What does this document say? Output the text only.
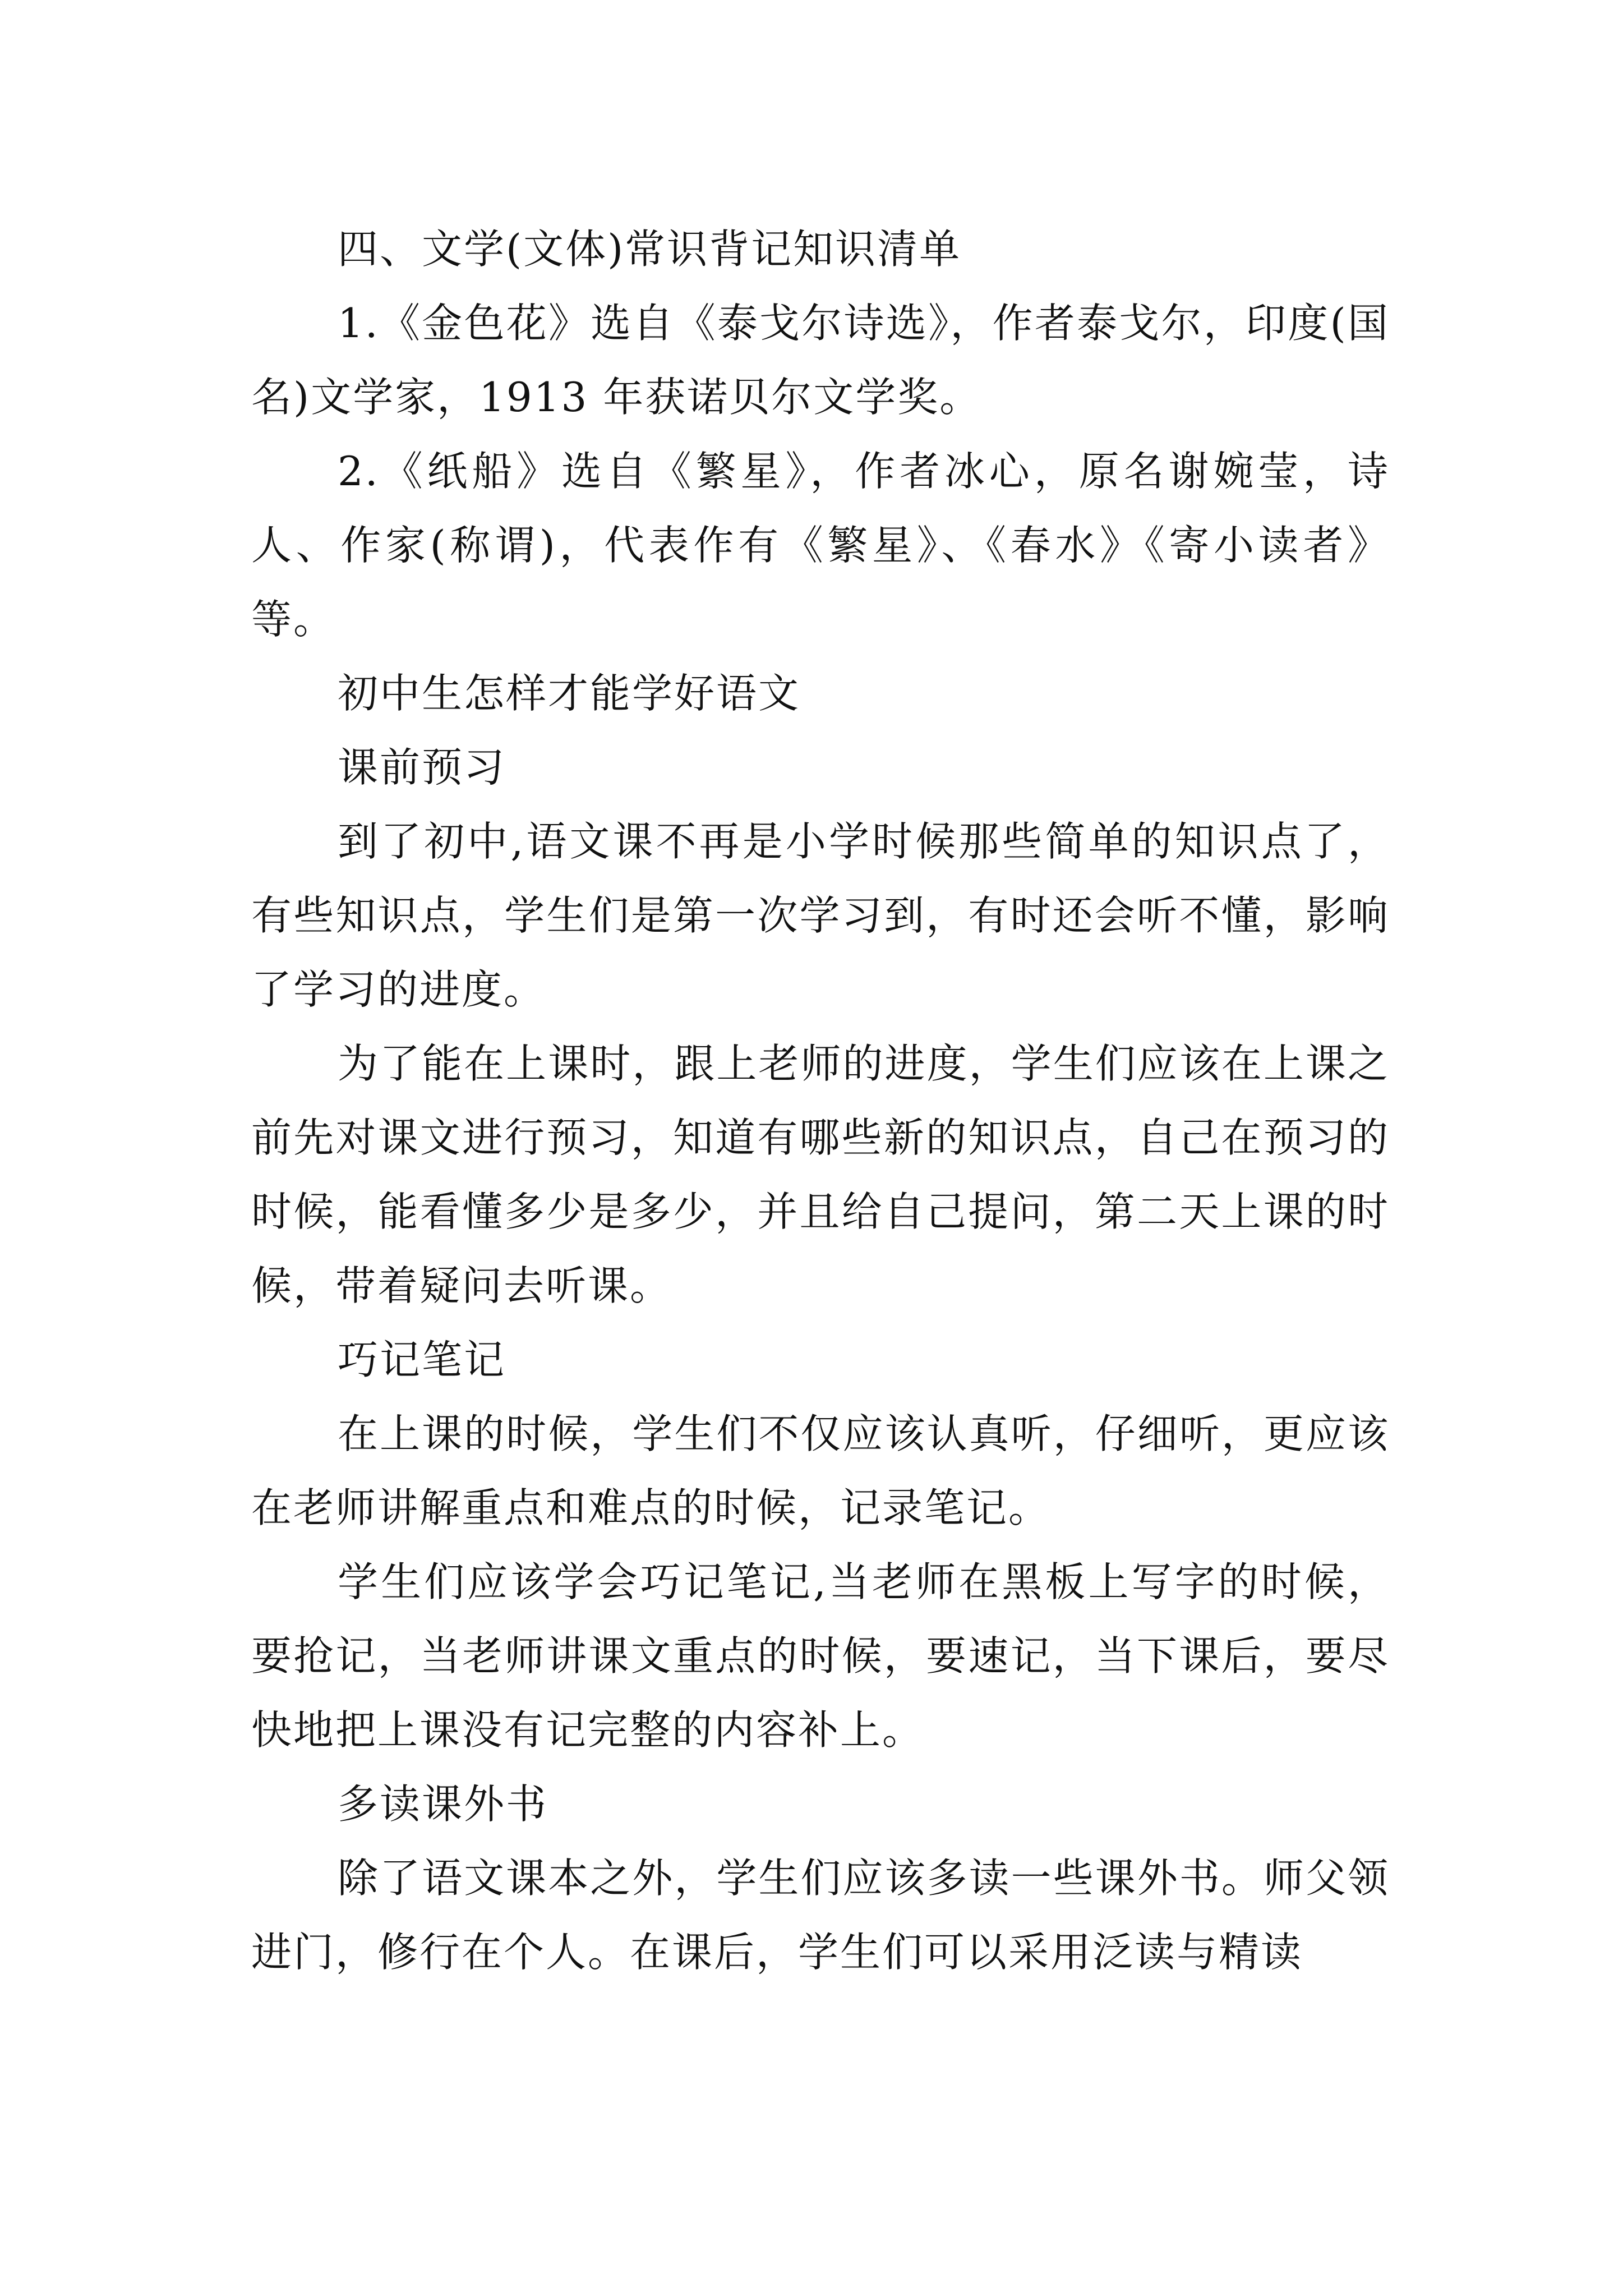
四、文学(文体)常识背记知识清单

1.《金色花》选自《泰戈尔诗选》，作者泰戈尔，印度(国名)文学家，1913 年获诺贝尔文学奖。

2.《纸船》选自《繁星》，作者冰心，原名谢婉莹，诗人、作家(称谓)，代表作有《繁星》、《春水》《寄小读者》等。

初中生怎样才能学好语文

课前预习

到了初中,语文课不再是小学时候那些简单的知识点了，有些知识点，学生们是第一次学习到，有时还会听不懂，影响了学习的进度。

为了能在上课时，跟上老师的进度，学生们应该在上课之前先对课文进行预习，知道有哪些新的知识点，自己在预习的时候，能看懂多少是多少，并且给自己提问，第二天上课的时候，带着疑问去听课。

巧记笔记

在上课的时候，学生们不仅应该认真听，仔细听，更应该在老师讲解重点和难点的时候，记录笔记。

学生们应该学会巧记笔记,当老师在黑板上写字的时候，要抢记，当老师讲课文重点的时候，要速记，当下课后，要尽快地把上课没有记完整的内容补上。

多读课外书

除了语文课本之外，学生们应该多读一些课外书。师父领进门，修行在个人。在课后，学生们可以采用泛读与精读
